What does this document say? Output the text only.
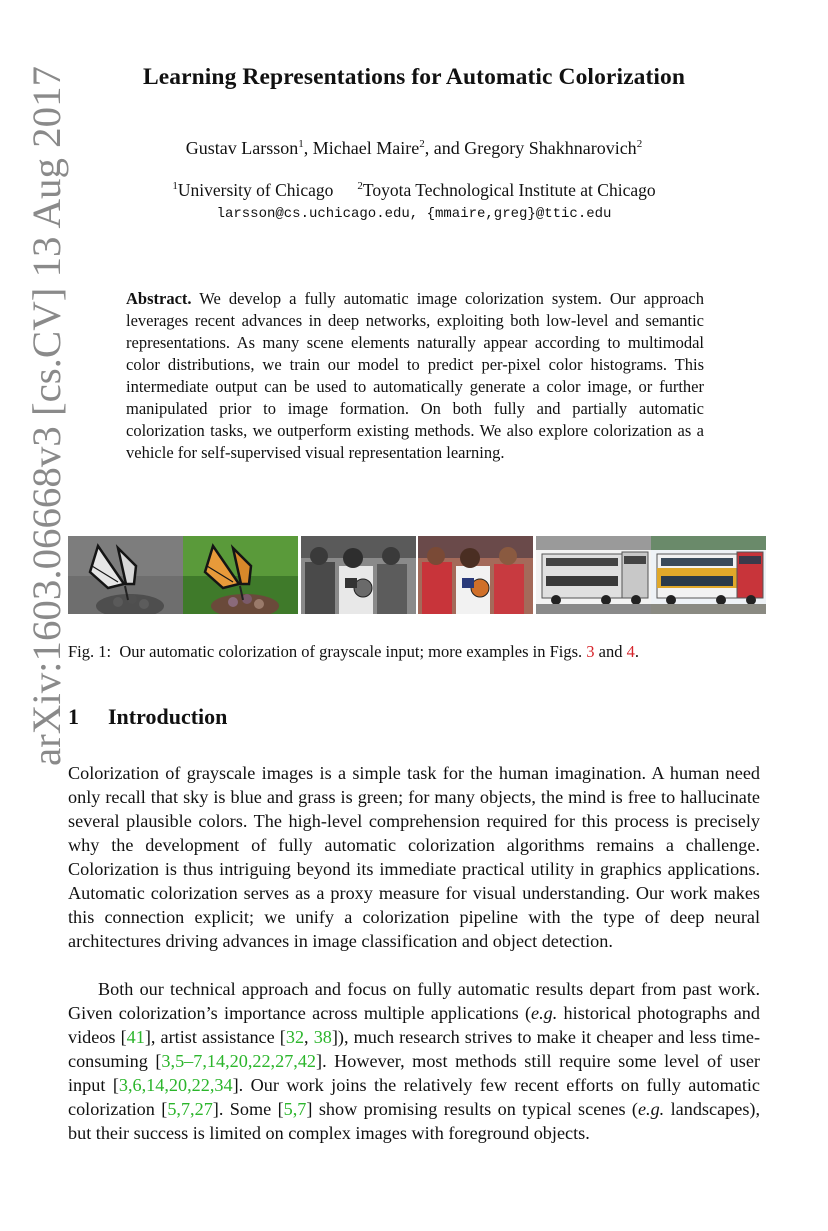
arXiv:1603.06668v3 [cs.CV] 13 Aug 2017
Learning Representations for Automatic Colorization
Gustav Larsson$^1$, Michael Maire$^2$, and Gregory Shakhnarovich$^2$
$^1$University of Chicago $^2$Toyota Technological Institute at Chicago
larsson@cs.uchicago.edu, {mmaire,greg}@ttic.edu
Abstract. We develop a fully automatic image colorization system. Our approach leverages recent advances in deep networks, exploiting both low-level and semantic representations. As many scene elements naturally appear according to multimodal color distributions, we train our model to predict per-pixel color histograms. This intermediate output can be used to automatically generate a color image, or further manipulated prior to image formation. On both fully and partially automatic colorization tasks, we outperform existing methods. We also explore colorization as a vehicle for self-supervised visual representation learning.
Fig. 1: Our automatic colorization of grayscale input; more examples in Figs. 3 and 4.
1 Introduction
Colorization of grayscale images is a simple task for the human imagination. A human need only recall that sky is blue and grass is green; for many objects, the mind is free to hallucinate several plausible colors. The high-level comprehension required for this process is precisely why the development of fully automatic colorization algorithms remains a challenge. Colorization is thus intriguing beyond its immediate practical utility in graphics applications. Automatic colorization serves as a proxy measure for visual understanding. Our work makes this connection explicit; we unify a colorization pipeline with the type of deep neural architectures driving advances in image classification and object detection.
Both our technical approach and focus on fully automatic results depart from past work. Given colorization’s importance across multiple applications (e.g. historical photographs and videos [41], artist assistance [32, 38]), much research strives to make it cheaper and less time-consuming [3,5–7,14,20,22,27,42]. However, most methods still require some level of user input [3,6,14,20,22,34]. Our work joins the relatively few recent efforts on fully automatic colorization [5,7,27]. Some [5,7] show promising results on typical scenes (e.g. landscapes), but their success is limited on complex images with foreground objects.
